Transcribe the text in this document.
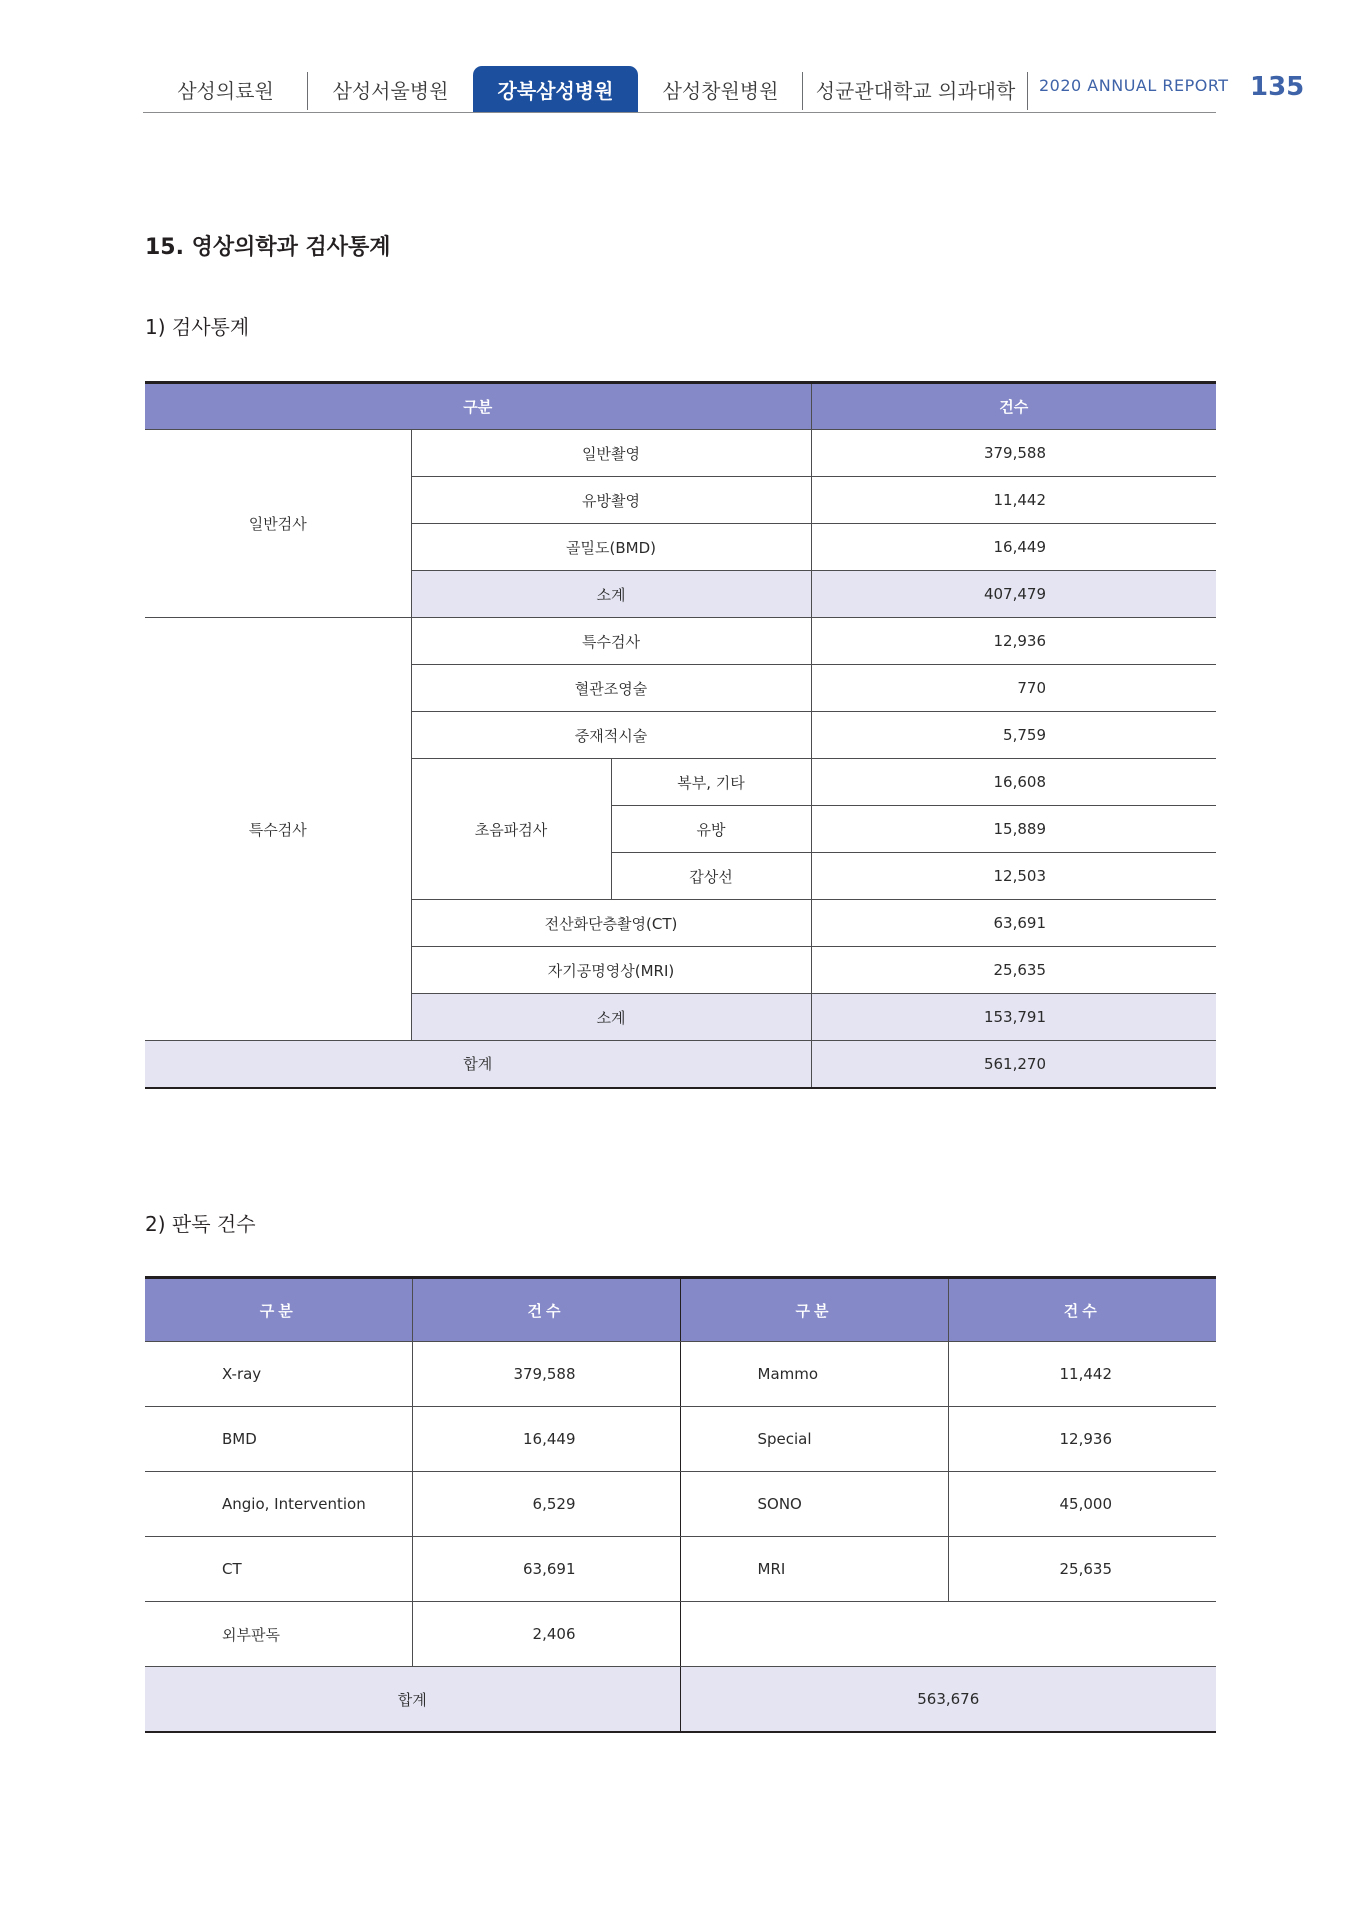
삼성의료원	삼성서울병원 강북삼성병원 삼성창원병원 성균관대학교 의과대학 2020 ANNUAL REPORT 135
15. 영상의학과 검사통계
1) 검사통계
구분			건수
일반검사	일반촬영		379,588
	유방촬영		11,442
	골밀도(BMD)		16,449
	소계		407,479
특수검사	특수검사		12,936
	혈관조영술		770
	중재적시술		5,759
	초음파검사	복부, 기타	16,608
		유방	15,889
		갑상선	12,503
	전산화단층촬영(CT)		63,691
	자기공명영상(MRI)		25,635
	소계		153,791
합계			561,270
2) 판독 건수
구분	건수	구분	건수
X-ray	379,588	Mammo	11,442
BMD	16,449	Special	12,936
Angio, Intervention	6,529	SONO	45,000
CT	63,691	MRI	25,635
외부판독	2,406		
합계		563,676	
